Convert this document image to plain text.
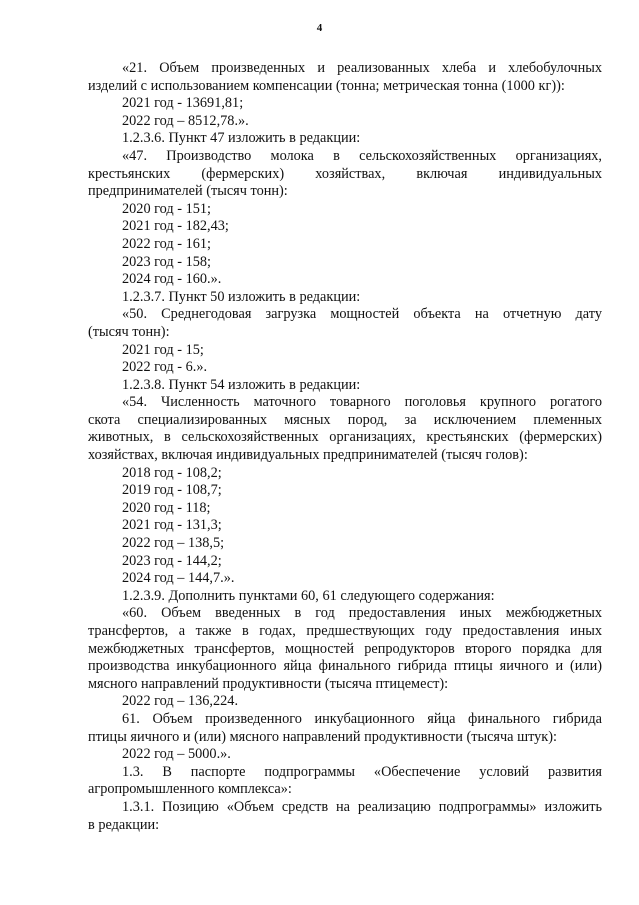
4
«21. Объем произведенных и реализованных хлеба и хлебобулочных
изделий с использованием компенсации (тонна; метрическая тонна (1000 кг)):
2021 год - 13691,81;
2022 год – 8512,78.».
1.2.3.6. Пункт 47 изложить в редакции:
«47. Производство молока в сельскохозяйственных организациях,
крестьянских (фермерских) хозяйствах, включая индивидуальных
предпринимателей (тысяч тонн):
2020 год - 151;
2021 год - 182,43;
2022 год - 161;
2023 год - 158;
2024 год - 160.».
1.2.3.7. Пункт 50 изложить в редакции:
«50. Среднегодовая загрузка мощностей объекта на отчетную дату
(тысяч тонн):
2021 год - 15;
2022 год - 6.».
1.2.3.8. Пункт 54 изложить в редакции:
«54. Численность маточного товарного поголовья крупного рогатого
скота специализированных мясных пород, за исключением племенных
животных, в сельскохозяйственных организациях, крестьянских (фермерских)
хозяйствах, включая индивидуальных предпринимателей (тысяч голов):
2018 год - 108,2;
2019 год - 108,7;
2020 год - 118;
2021 год - 131,3;
2022 год – 138,5;
2023 год - 144,2;
2024 год – 144,7.».
1.2.3.9. Дополнить пунктами 60, 61 следующего содержания:
«60. Объем введенных в год предоставления иных межбюджетных
трансфертов, а также в годах, предшествующих году предоставления иных
межбюджетных трансфертов, мощностей репродукторов второго порядка для
производства инкубационного яйца финального гибрида птицы яичного и (или)
мясного направлений продуктивности (тысяча птицемест):
2022 год – 136,224.
61. Объем произведенного инкубационного яйца финального гибрида
птицы яичного и (или) мясного направлений продуктивности (тысяча штук):
2022 год – 5000.».
1.3. В паспорте подпрограммы «Обеспечение условий развития
агропромышленного комплекса»:
1.3.1. Позицию «Объем средств на реализацию подпрограммы» изложить
в редакции:
